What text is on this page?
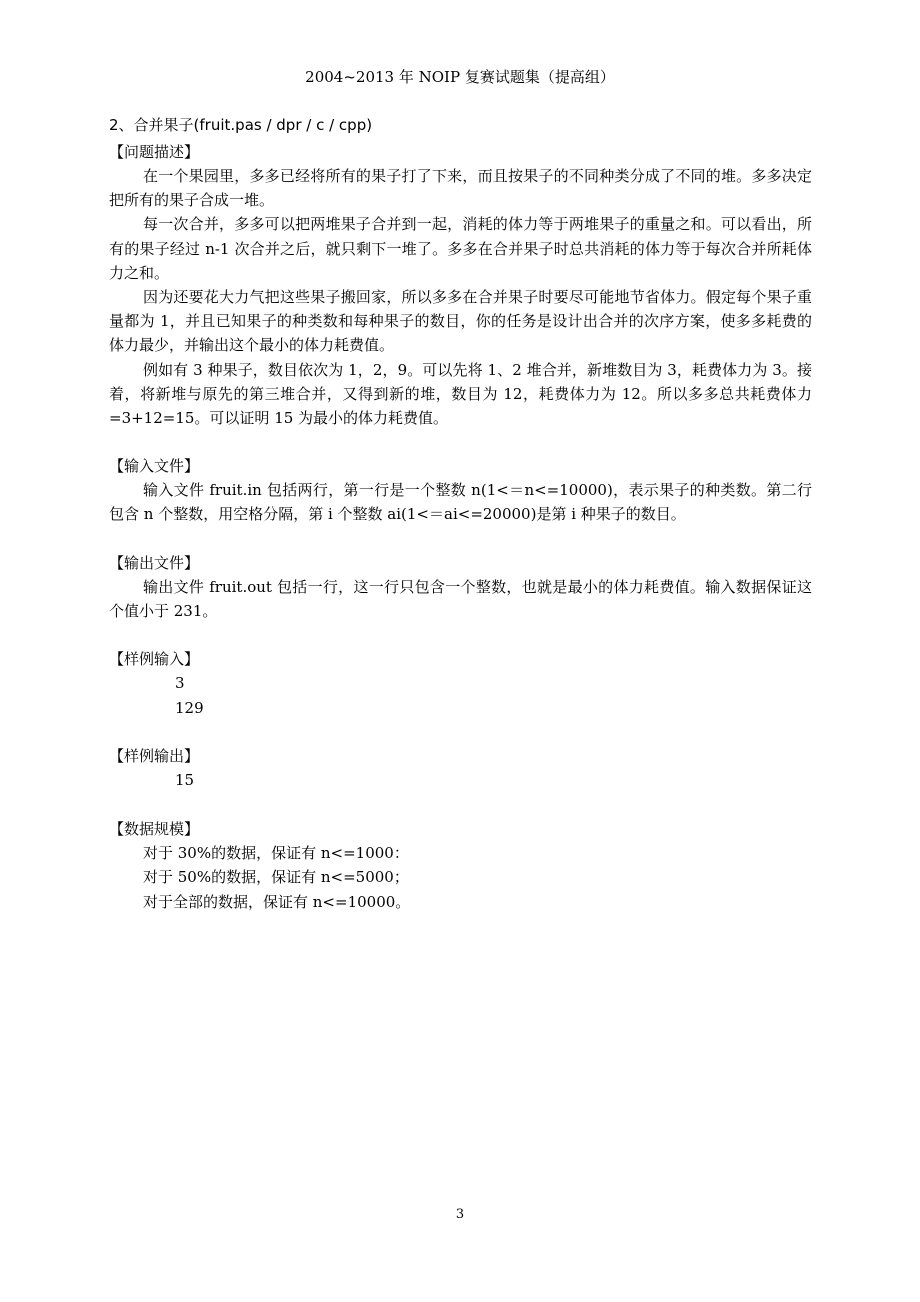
2004~2013 年 NOIP 复赛试题集（提高组）
2、合并果子(fruit.pas / dpr / c / cpp)
【问题描述】

在一个果园里，多多已经将所有的果子打了下来，而且按果子的不同种类分成了不同的堆。多多决定把所有的果子合成一堆。

每一次合并，多多可以把两堆果子合并到一起，消耗的体力等于两堆果子的重量之和。可以看出，所有的果子经过 n-1 次合并之后，就只剩下一堆了。多多在合并果子时总共消耗的体力等于每次合并所耗体力之和。

因为还要花大力气把这些果子搬回家，所以多多在合并果子时要尽可能地节省体力。假定每个果子重量都为 1，并且已知果子的种类数和每种果子的数目，你的任务是设计出合并的次序方案，使多多耗费的体力最少，并输出这个最小的体力耗费值。

例如有 3 种果子，数目依次为 1，2，9。可以先将 1、2 堆合并，新堆数目为 3，耗费体力为 3。接着，将新堆与原先的第三堆合并，又得到新的堆，数目为 12，耗费体力为 12。所以多多总共耗费体力=3+12=15。可以证明 15 为最小的体力耗费值。

【输入文件】

输入文件 fruit.in 包括两行，第一行是一个整数 n(1<＝n<=10000)，表示果子的种类数。第二行包含 n 个整数，用空格分隔，第 i 个整数 ai(1<＝ai<=20000)是第 i 种果子的数目。

【输出文件】

输出文件 fruit.out 包括一行，这一行只包含一个整数，也就是最小的体力耗费值。输入数据保证这个值小于 231。

【样例输入】

3

129

【样例输出】

15

【数据规模】

对于 30%的数据，保证有 n<=1000：

对于 50%的数据，保证有 n<=5000；

对于全部的数据，保证有 n<=10000。

3
